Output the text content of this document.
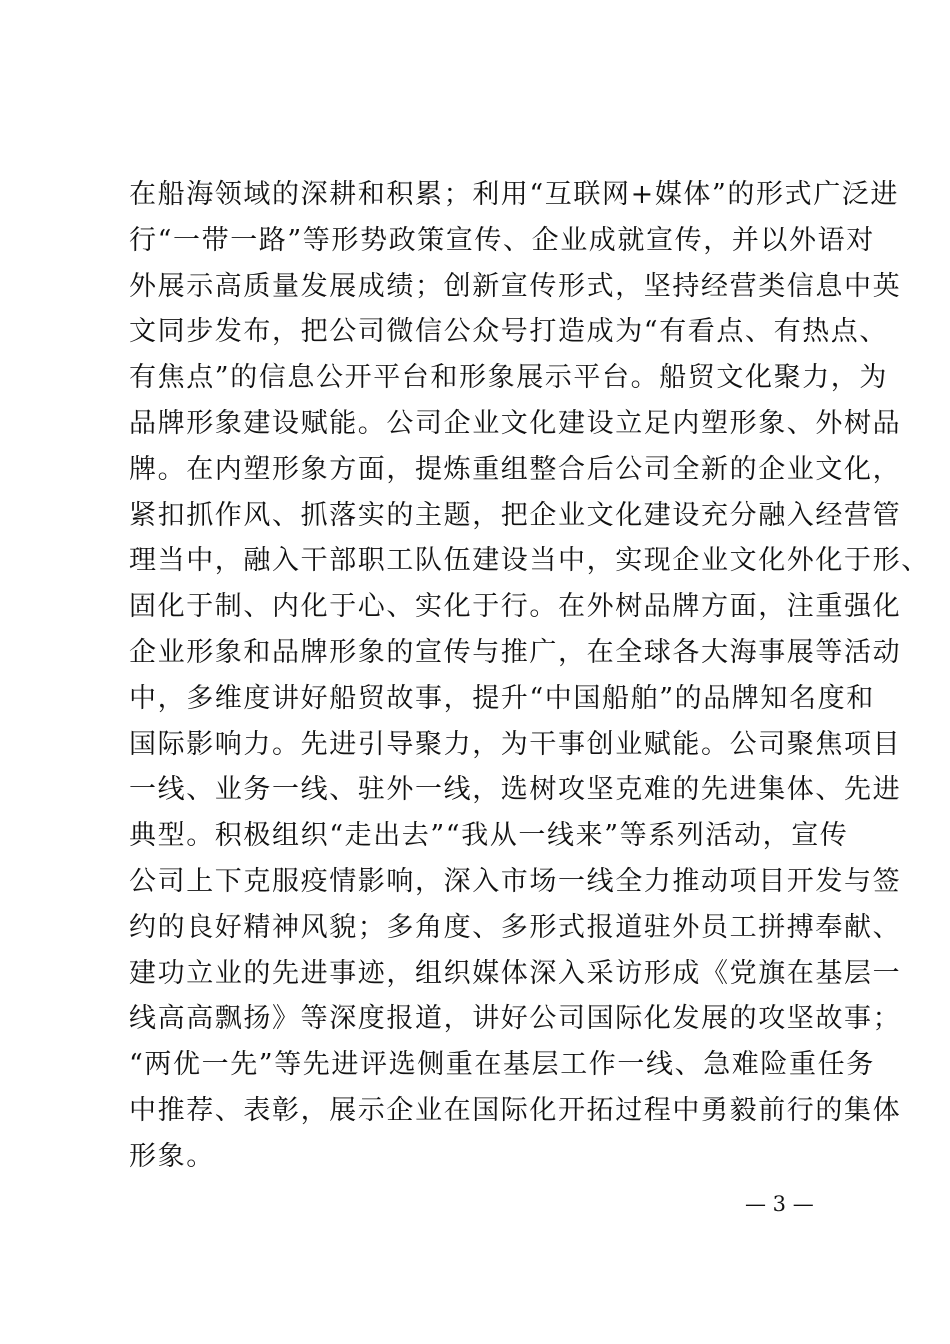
在船海领域的深耕和积累；利用“互联网+媒体”的形式广泛进
行“一带一路”等形势政策宣传、企业成就宣传，并以外语对
外展示高质量发展成绩；创新宣传形式，坚持经营类信息中英
文同步发布，把公司微信公众号打造成为“有看点、有热点、
有焦点”的信息公开平台和形象展示平台。船贸文化聚力，为
品牌形象建设赋能。公司企业文化建设立足内塑形象、外树品
牌。在内塑形象方面，提炼重组整合后公司全新的企业文化，
紧扣抓作风、抓落实的主题，把企业文化建设充分融入经营管
理当中，融入干部职工队伍建设当中，实现企业文化外化于形、
固化于制、内化于心、实化于行。在外树品牌方面，注重强化
企业形象和品牌形象的宣传与推广，在全球各大海事展等活动
中，多维度讲好船贸故事，提升“中国船舶”的品牌知名度和
国际影响力。先进引导聚力，为干事创业赋能。公司聚焦项目
一线、业务一线、驻外一线，选树攻坚克难的先进集体、先进
典型。积极组织“走出去”“我从一线来”等系列活动，宣传
公司上下克服疫情影响，深入市场一线全力推动项目开发与签
约的良好精神风貌；多角度、多形式报道驻外员工拼搏奉献、
建功立业的先进事迹，组织媒体深入采访形成《党旗在基层一
线高高飘扬》等深度报道，讲好公司国际化发展的攻坚故事；
“两优一先”等先进评选侧重在基层工作一线、急难险重任务
中推荐、表彰，展示企业在国际化开拓过程中勇毅前行的集体
形象。
— 3 —
